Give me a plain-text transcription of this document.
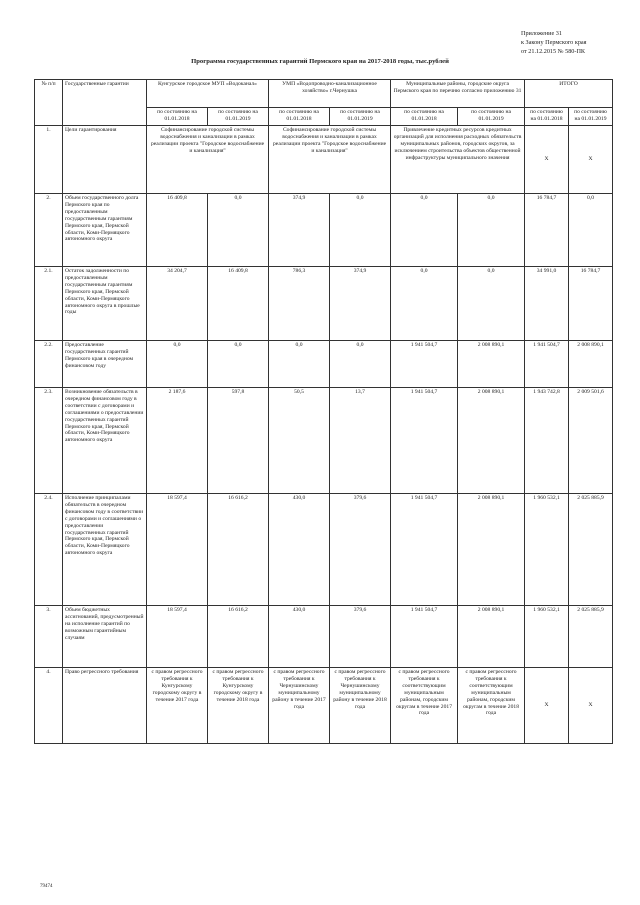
Приложение 31
к Закону Пермского края
от 21.12.2015 № 580-ПК
Программа государственных гарантий Пермского края на 2017-2018 годы, тыс.рублей
№ п/п	Государственные гарантии	Кунгурское городское МУП «Водоканал»		УМП «Водопроводно-канализационное хозяйство» г.Чернушка		Муниципальные районы, городские округа Пермского края по перечню согласно приложению 31		ИТОГО	
		по состоянию на 01.01.2018	по состоянию на 01.01.2019	по состоянию на 01.01.2018	по состоянию на 01.01.2019	по состоянию на 01.01.2018	по состоянию на 01.01.2019	по состоянию на 01.01.2018	по состоянию на 01.01.2019
1.	Цели гарантирования	Софинансирование городской системы водоснабжения и канализации в рамках реализации проекта "Городское водоснабжение и канализация"		Софинансирование городской системы водоснабжения и канализации в рамках реализации проекта "Городское водоснабжение и канализация"		Привлечение кредитных ресурсов кредитных организаций для исполнения расходных обязательств муниципальных районов, городских округов, за исключением строительства объектов общественной инфраструктуры муниципального значения		X	X
2.	Объем государственного долга Пермского края по предоставленным государственным гарантиям Пермского края, Пермской области, Коми-Пермяцкого автономного округа	16 409,8	0,0	374,9	0,0	0,0	0,0	16 784,7	0,0
2.1.	Остаток задолженности по предоставленным государственным гарантиям Пермского края, Пермской области, Коми-Пермяцкого автономного округа в прошлые годы	34 204,7	16 409,8	786,3	374,9	0,0	0,0	34 991,0	16 784,7
2.2.	Предоставление государственных гарантий Пермского края в очередном финансовом году	0,0	0,0	0,0	0,0	1 941 504,7	2 008 890,1	1 941 504,7	2 008 890,1
2.3.	Возникновение обязательств в очередном финансовом году в соответствии с договорами и соглашениями о предоставлении государственных гарантий Пермского края, Пермской области, Коми-Пермяцкого автономного округа	2 187,6	597,8	50,5	13,7	1 941 504,7	2 008 890,1	1 943 742,8	2 009 501,6
2.4.	Исполнение принципалами обязательств в очередном финансовом году в соответствии с договорами и соглашениями о предоставлении государственных гарантий Пермского края, Пермской области, Коми-Пермяцкого автономного округа	18 597,4	16 616,2	430,0	379,6	1 941 504,7	2 008 890,1	1 960 532,1	2 025 885,9
3.	Объем бюджетных ассигнований, предусмотренный на исполнение гарантий по возможным гарантийным случаям	18 597,4	16 616,2	430,0	379,6	1 941 504,7	2 008 890,1	1 960 532,1	2 025 885,9
4.	Право регрессного требования	с правом регрессного требования к Кунгурскому городскому округу в течение 2017 года	с правом регрессного требования к Кунгурскому городскому округу в течение 2018 года	с правом регрессного требования к Чернушинскому муниципальному району в течение 2017 года	с правом регрессного требования к Чернушинскому муниципальному району в течение 2018 года	с правом регрессного требования к соответствующим муниципальным районам, городским округам в течение 2017 года	с правом регрессного требования к соответствующим муниципальным районам, городским округам в течение 2018 года	X	X
79474
